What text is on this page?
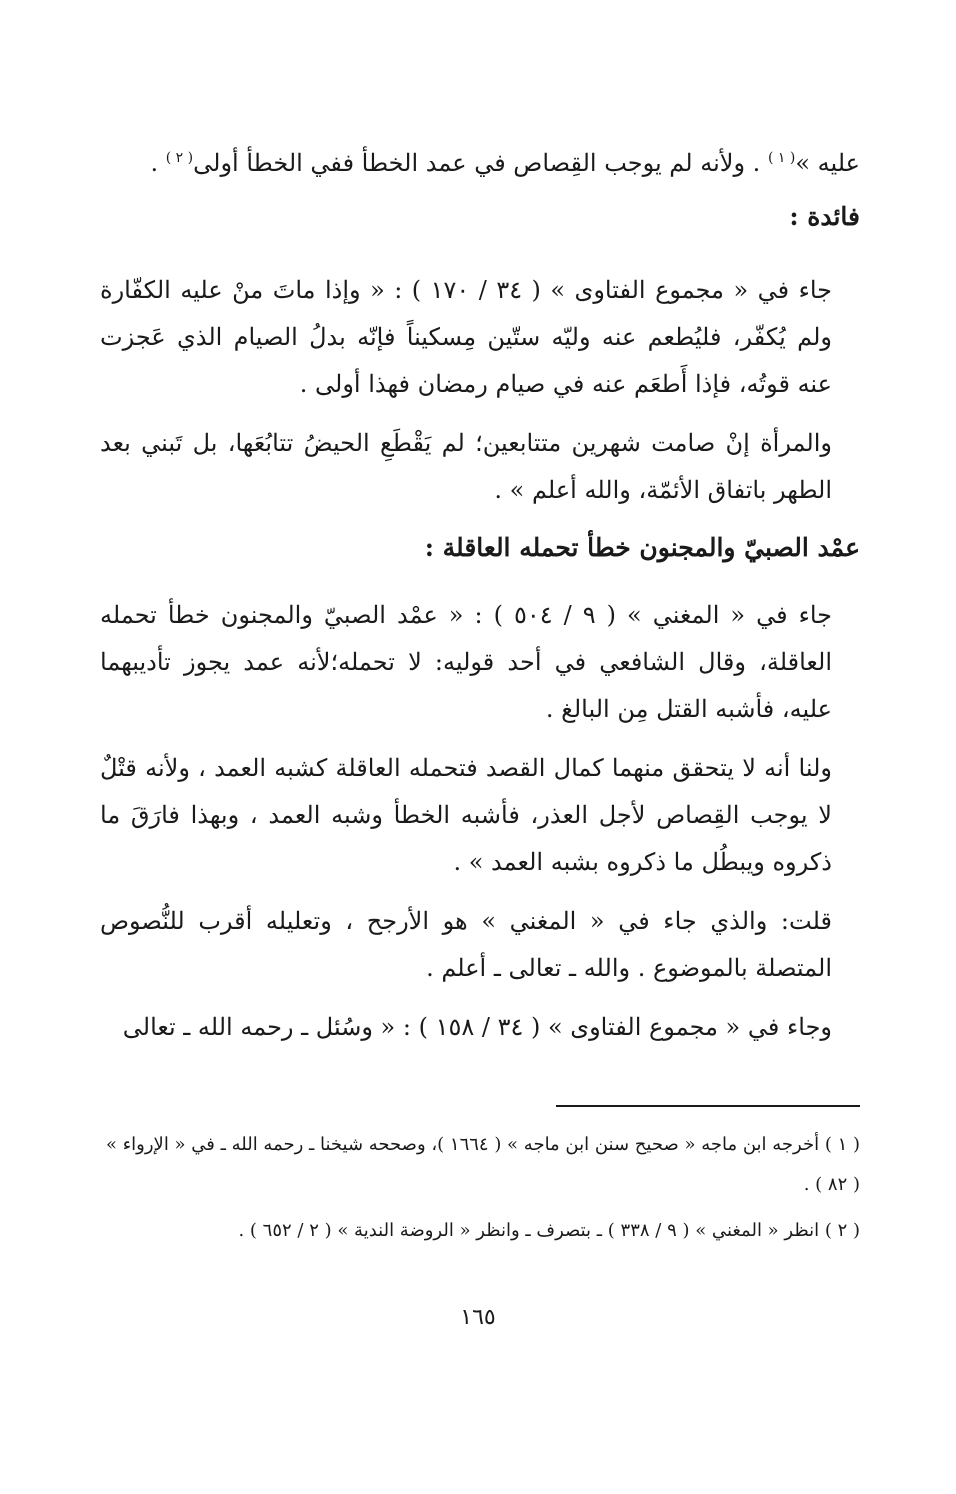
عليه »$^{( ١ )}$ . ولأنه لم يوجب القِصاص في عمد الخطأ ففي الخطأ أولى$^{( ٢ )}$ .

فائدة :

جاء في « مجموع الفتاوى » ( ٣٤ / ١٧٠ ) : « وإذا ماتَ منْ عليه الكفّارة ولم يُكفّر، فليُطعم عنه وليّه ستّين مِسكيناً فإنّه بدلُ الصيام الذي عَجزت عنه قوتُه، فإذا أَطعَم عنه في صيام رمضان فهذا أولى .

والمرأة إنْ صامت شهرين متتابعين؛ لم يَقْطَعِ الحيضُ تتابُعَها، بل تَبني بعد الطهر باتفاق الأئمّة، والله أعلم » .

عمْد الصبيّ والمجنون خطأ تحمله العاقلة :

جاء في « المغني » ( ٩ / ٥٠٤ ) : « عمْد الصبيّ والمجنون خطأ تحمله العاقلة، وقال الشافعي في أحد قوليه: لا تحمله؛لأنه عمد يجوز تأديبهما عليه، فأشبه القتل مِن البالغ .

ولنا أنه لا يتحقق منهما كمال القصد فتحمله العاقلة كشبه العمد ، ولأنه قتْلٌ لا يوجب القِصاص لأجل العذر، فأشبه الخطأ وشبه العمد ، وبهذا فارَقَ ما ذكروه ويبطُل ما ذكروه بشبه العمد » .

قلت: والذي جاء في « المغني » هو الأرجح ، وتعليله أقرب للنُّصوص المتصلة بالموضوع . والله ـ تعالى ـ أعلم .

وجاء في « مجموع الفتاوى » ( ٣٤ / ١٥٨ ) : « وسُئل ـ رحمه الله ـ تعالى

( ١ ) أخرجه ابن ماجه « صحيح سنن ابن ماجه » ( ١٦٦٤ )، وصححه شيخنا ـ رحمه الله ـ في « الإرواء » ( ٨٢ ) .

( ٢ ) انظر « المغني » ( ٩ / ٣٣٨ ) ـ بتصرف ـ وانظر « الروضة الندية » ( ٢ / ٦٥٢ ) .

١٦٥
